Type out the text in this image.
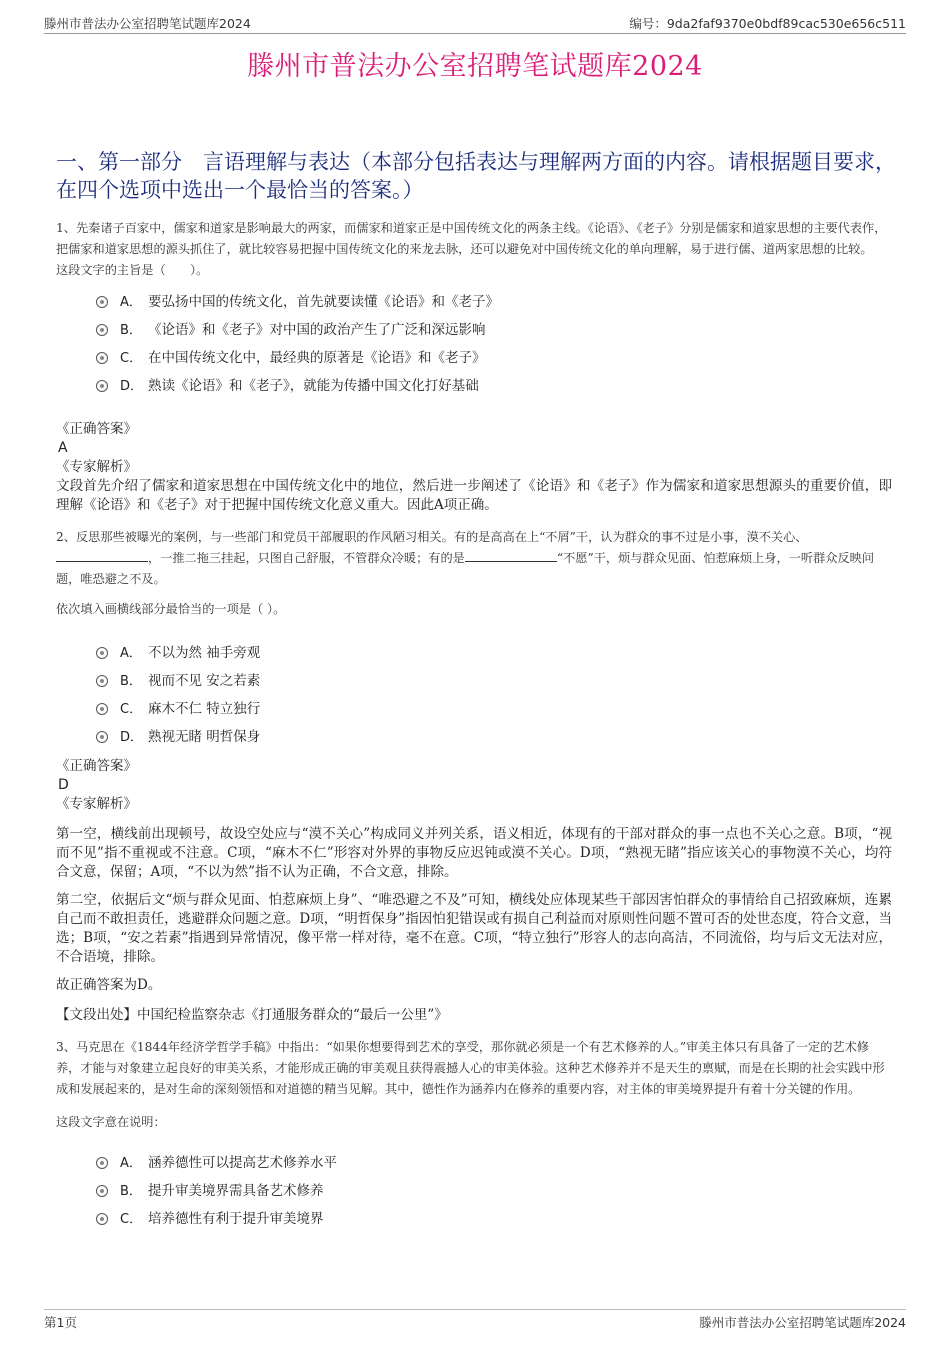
滕州市普法办公室招聘笔试题库2024	编号：9da2faf9370e0bdf89cac530e656c511
滕州市普法办公室招聘笔试题库2024
一、第一部分　言语理解与表达（本部分包括表达与理解两方面的内容。请根据题目要求，在四个选项中选出一个最恰当的答案。）

1、先秦诸子百家中，儒家和道家是影响最大的两家，而儒家和道家正是中国传统文化的两条主线。《论语》、《老子》分别是儒家和道家思想的主要代表作，把儒家和道家思想的源头抓住了，就比较容易把握中国传统文化的来龙去脉，还可以避免对中国传统文化的单向理解，易于进行儒、道两家思想的比较。

这段文字的主旨是（　　）。

A． 要弘扬中国的传统文化，首先就要读懂《论语》和《老子》
B． 《论语》和《老子》对中国的政治产生了广泛和深远影响
C． 在中国传统文化中，最经典的原著是《论语》和《老子》
D． 熟读《论语》和《老子》，就能为传播中国文化打好基础

《正确答案》

A

《专家解析》

文段首先介绍了儒家和道家思想在中国传统文化中的地位，然后进一步阐述了《论语》和《老子》作为儒家和道家思想源头的重要价值，即理解《论语》和《老子》对于把握中国传统文化意义重大。因此A项正确。

2、反思那些被曝光的案例，与一些部门和党员干部履职的作风陋习相关。有的是高高在上“不屑”干，认为群众的事不过是小事，漠不关心、，一推二拖三挂起，只图自己舒服，不管群众冷暖；有的是	“不愿”干，烦与群众见面、怕惹麻烦上身，一听群众反映问题，唯恐避之不及。

依次填入画横线部分最恰当的一项是（ ）。

A． 不以为然 袖手旁观
B． 视而不见 安之若素
C． 麻木不仁 特立独行
D． 熟视无睹 明哲保身

《正确答案》

D

《专家解析》

第一空，横线前出现顿号，故设空处应与“漠不关心”构成同义并列关系，语义相近，体现有的干部对群众的事一点也不关心之意。B项，“视而不见”指不重视或不注意。C项，“麻木不仁”形容对外界的事物反应迟钝或漠不关心。D项，“熟视无睹”指应该关心的事物漠不关心，均符合文意，保留；A项，“不以为然”指不认为正确，不合文意，排除。

第二空，依据后文“烦与群众见面、怕惹麻烦上身”、“唯恐避之不及”可知，横线处应体现某些干部因害怕群众的事情给自己招致麻烦，连累自己而不敢担责任，逃避群众问题之意。D项，“明哲保身”指因怕犯错误或有损自己利益而对原则性问题不置可否的处世态度，符合文意，当选；B项，“安之若素”指遇到异常情况，像平常一样对待，毫不在意。C项，“特立独行”形容人的志向高洁，不同流俗，均与后文无法对应，不合语境，排除。

故正确答案为D。

【文段出处】中国纪检监察杂志《打通服务群众的“最后一公里”》

3、马克思在《1844年经济学哲学手稿》中指出：“如果你想要得到艺术的享受，那你就必须是一个有艺术修养的人。”审美主体只有具备了一定的艺术修养，才能与对象建立起良好的审美关系，才能形成正确的审美观且获得震撼人心的审美体验。这种艺术修养并不是天生的禀赋，而是在长期的社会实践中形成和发展起来的，是对生命的深刻领悟和对道德的精当见解。其中，德性作为涵养内在修养的重要内容，对主体的审美境界提升有着十分关键的作用。

这段文字意在说明：

A． 涵养德性可以提高艺术修养水平
B． 提升审美境界需具备艺术修养
C． 培养德性有利于提升审美境界
第1页	滕州市普法办公室招聘笔试题库2024
